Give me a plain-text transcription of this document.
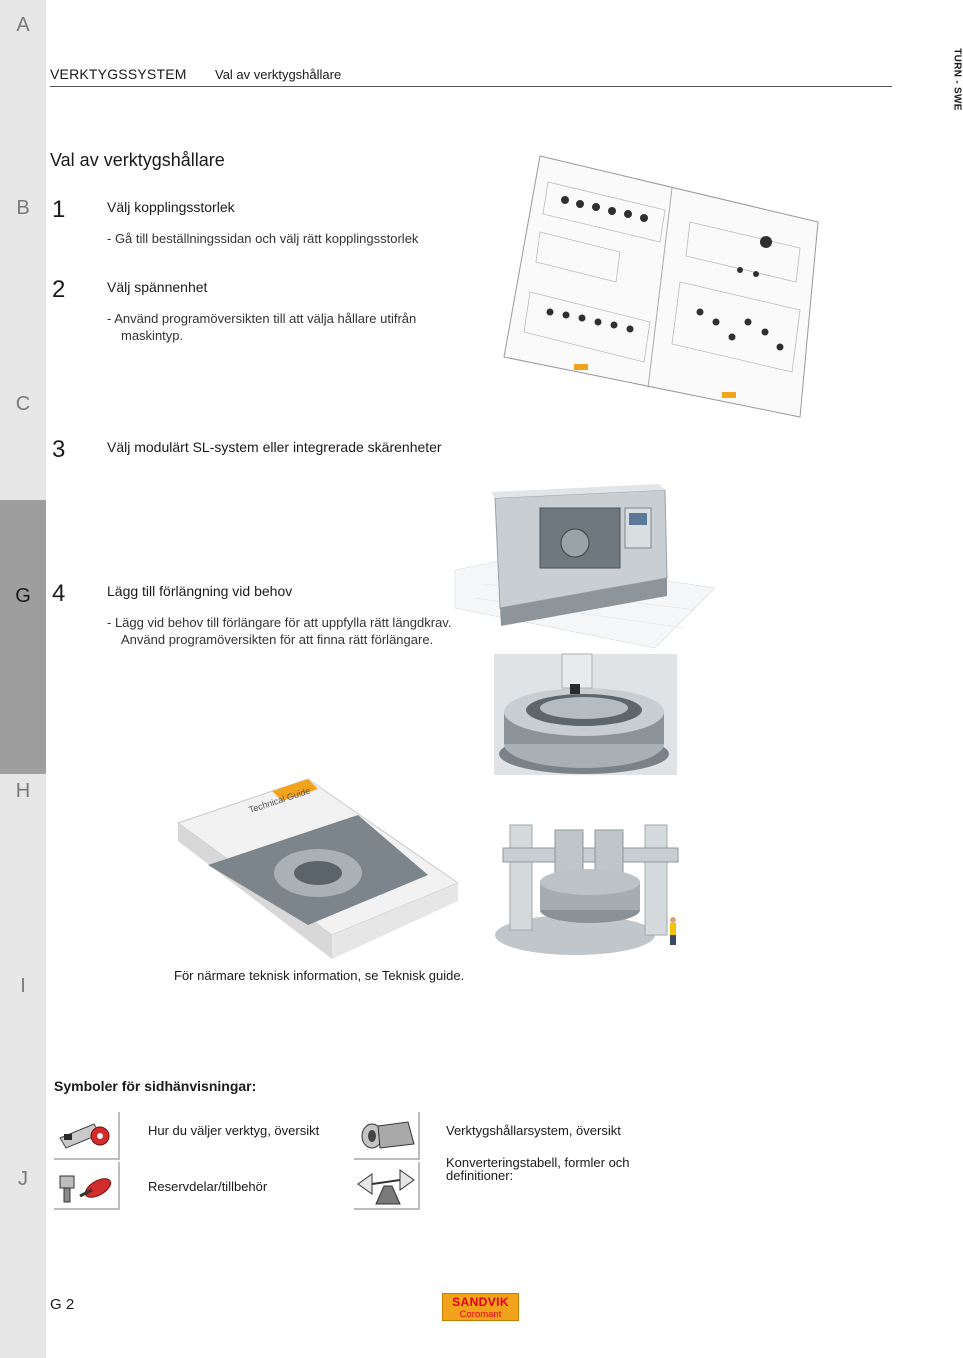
A
B
C
G
H
I
J
TURN - SWE
VERKTYGSSYSTEM Val av verktygshållare
Val av verktygshållare
1	Välj kopplingsstorlek
- Gå till beställningssidan och välj rätt kopplingsstorlek
2	Välj spännenhet
- Använd programöversikten till att välja hållare utifrån
maskintyp.
3	Välj modulärt SL-system eller integrerade skärenheter
4	Lägg till förlängning vid behov
- Lägg vid behov till förlängare för att uppfylla rätt längdkrav.
Använd programöversikten för att finna rätt förlängare.
Technical Guide
För närmare teknisk information, se Teknisk guide.
Symboler för sidhänvisningar:
Hur du väljer verktyg, översikt
Reservdelar/tillbehör
Verktygshållarsystem, översikt
Konverteringstabell, formler och
definitioner:
G 2	SANDVIK
Coromant
